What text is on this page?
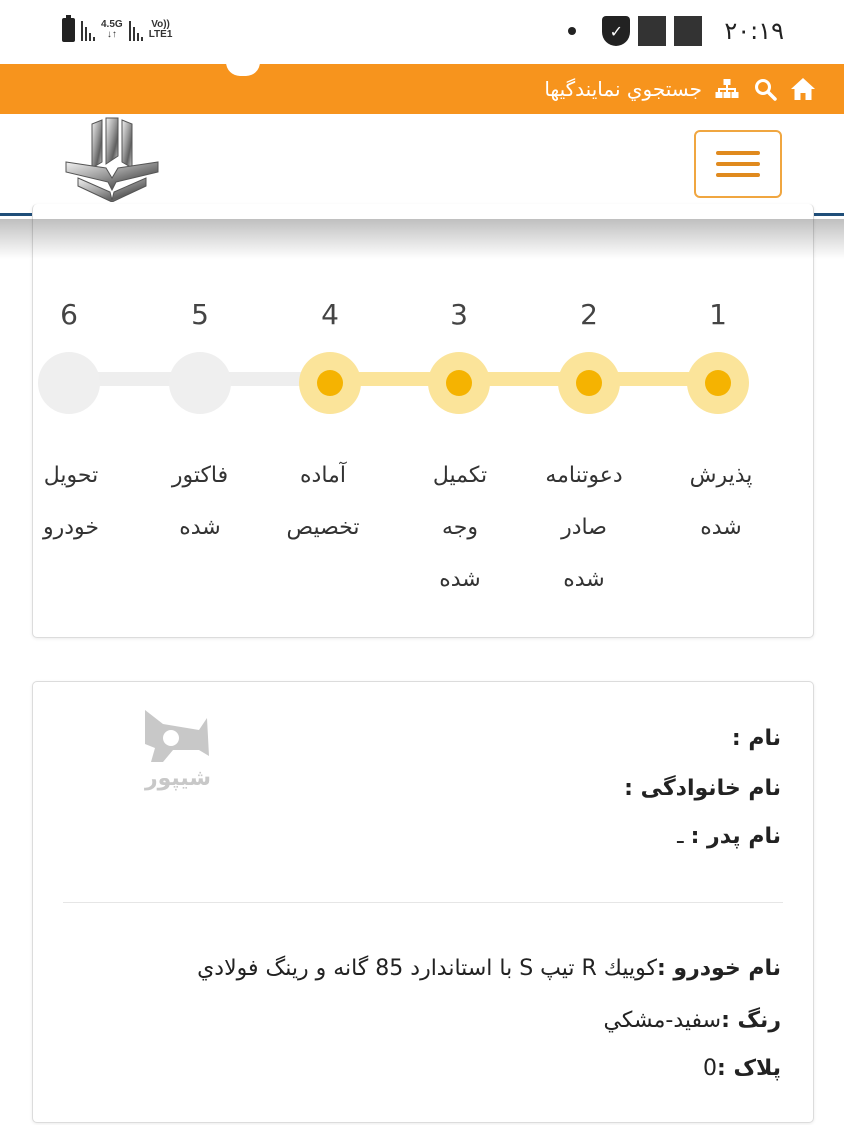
4.5G
↓↑
Vo))
LTE1	✓	۲۰:۱۹
جستجوي نمايندگيها
1
2
3
4
5
6
پذیرش
شده
دعوتنامه
صادر
شده
تکمیل
وجه
شده
آماده
تخصیص
فاکتور
شده
تحویل
خودرو
شیپور
نام :
نام خانوادگی :
نام پدر : ـ
نام خودرو :كوييك R تيپ S با استاندارد 85 گانه و رينگ فولادي
رنگ :سفيد-مشكي
پلاک :0
